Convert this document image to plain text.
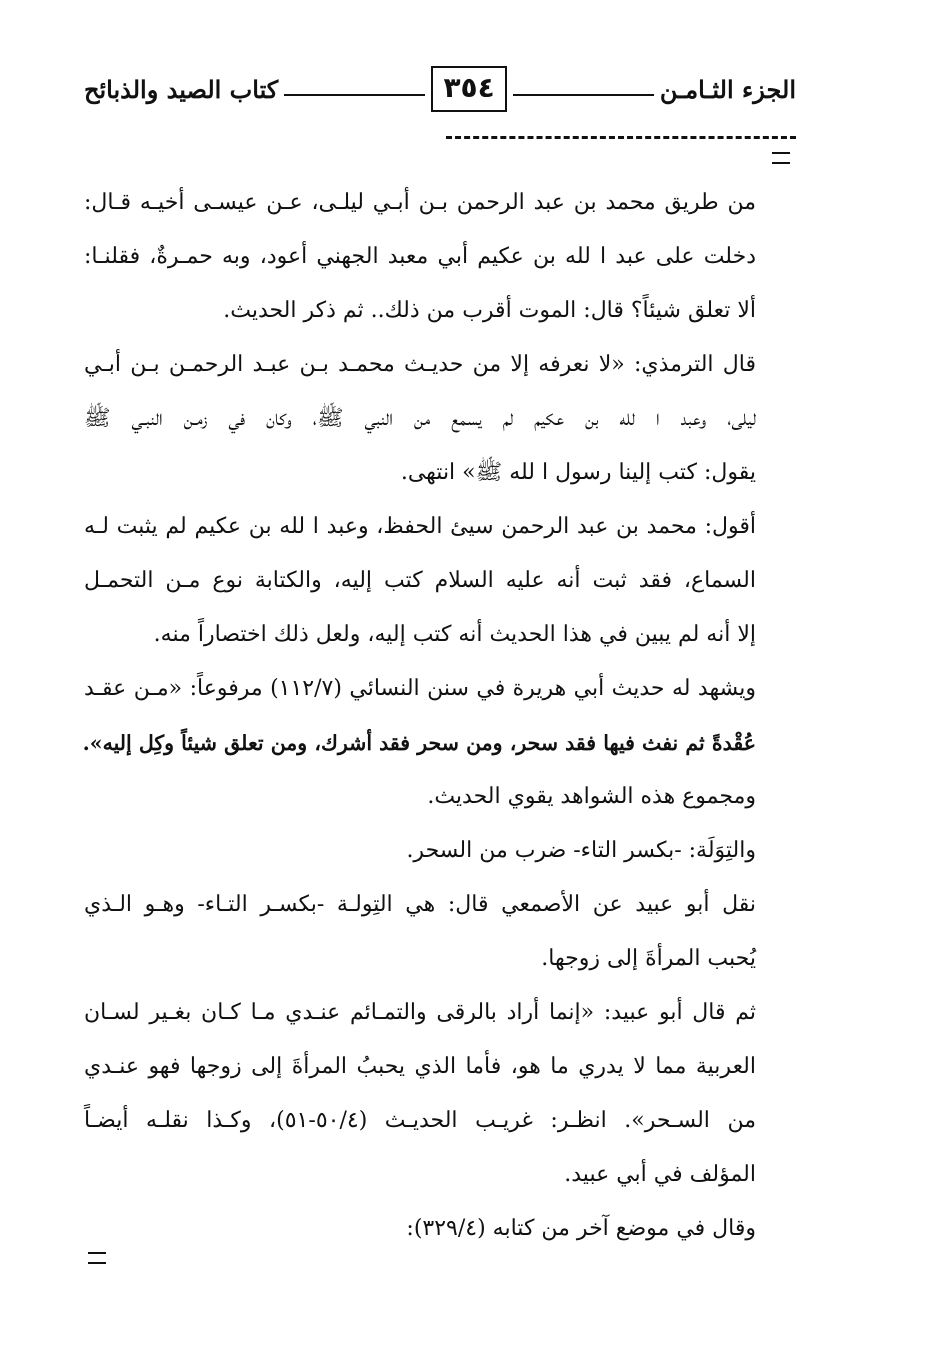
الجزء الثـامـن
٣٥٤
كتاب الصيد والذبائح
من طريق محمد بن عبد الرحمن بـن أبـي ليلـى، عـن عيسـى أخيـه قـال:
دخلت على عبد ا لله بن عكيم أبي معبد الجهني أعود، وبه حمـرةٌ، فقلنـا:
ألا تعلق شيئاً؟ قال: الموت أقرب من ذلك.. ثم ذكر الحديث.
قال الترمذي: «لا نعرفه إلا من حديـث محمـد بـن عبـد الرحمـن بـن أبـي
ليلى، وعبد ا لله بن عكيم لم يسمع من النبي ﷺ، وكان في زمـن النبـي ﷺ
يقول: كتب إلينا رسول ا لله ﷺ» انتهى.
أقول: محمد بن عبد الرحمن سيئ الحفظ، وعبد ا لله بن عكيم لم يثبت لـه
السماع، فقد ثبت أنه عليه السلام كتب إليه، والكتابة نوع مـن التحمـل
إلا أنه لم يبين في هذا الحديث أنه كتب إليه، ولعل ذلك اختصاراً منه.
ويشهد له حديث أبي هريرة في سنن النسائي (١١٢/٧) مرفوعاً: «مـن عقـد
عُقْدةً ثم نفث فيها فقد سحر، ومن سحر فقد أشرك، ومن تعلق شيئاً وكِل إليه».
ومجموع هذه الشواهد يقوي الحديث.
والتِوَلَة: -بكسر التاء- ضرب من السحر.
نقل أبو عبيد عن الأصمعي قال: هي التِولـة -بكسـر التـاء- وهـو الـذي
يُحبب المرأةَ إلى زوجها.
ثم قال أبو عبيد: «إنما أراد بالرقى والتمـائم عنـدي مـا كـان بغـير لسـان
العربية مما لا يدري ما هو، فأما الذي يحببُ المرأةَ إلى زوجها فهو عنـدي
من السـحر». انظـر: غريـب الحديـث (٥٠/٤-٥١)، وكـذا نقلـه أيضـاً
المؤلف في أبي عبيد.
وقال في موضع آخر من كتابه (٣٢٩/٤):
